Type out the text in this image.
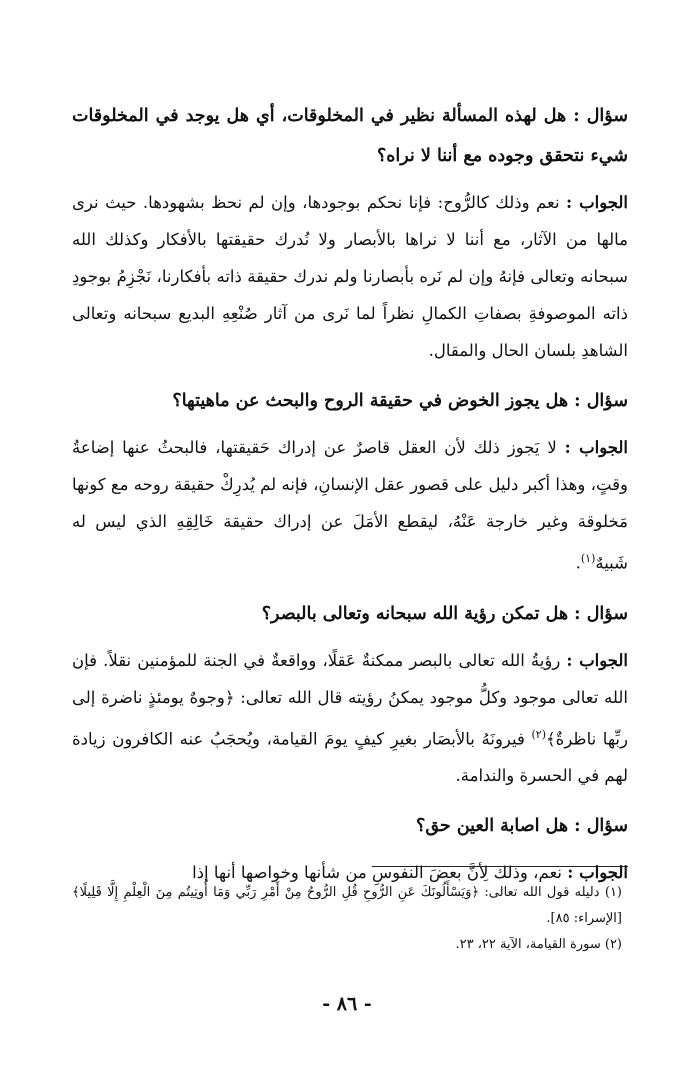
سؤال : هل لهذه المسألة نظير في المخلوقات، أي هل يوجد في المخلوقات شيء نتحقق وجوده مع أننا لا نراه؟

الجواب : نعم وذلك كالرُّوح: فإنا نحكم بوجودها، وإن لم نحظ بشهودها. حيث نرى مالها من الآثار، مع أننا لا نراها بالأبصار ولا نُدرك حقيقتها بالأفكار وكذلك الله سبحانه وتعالى فإنهُ وإن لم نَره بأبصارنا ولم ندرك حقيقة ذاته بأفكارنا، نَجْزِمُ بوجودِ ذاته الموصوفةِ بصفاتِ الكمالِ نظراً لما نَرى من آثار صُنْعِهِ البديع سبحانه وتعالى الشاهدِ بلسان الحال والمقال.

سؤال : هل يجوز الخوض في حقيقة الروح والبحث عن ماهيتها؟

الجواب : لا يَجوز ذلك لأن العقل قاصرٌ عن إدراك حَقيقتها، فالبحثُ عنها إضاعةُ وقتٍ، وهذا أكبر دليل على قصور عقل الإنسانِ، فإنه لم يُدرِكْ حقيقة روحه مع كونها مَخلوقة وغير خارجة عَنْهُ، ليقطع الأمَلَ عن إدراك حقيقة خَالِقِهِ الذي ليس له شَبيهٌ$^{(١)}$.

سؤال : هل تمكن رؤية الله سبحانه وتعالى بالبصر؟

الجواب : رؤيةُ الله تعالى بالبصر ممكنةٌ عَقلًا، وواقعةٌ في الجنة للمؤمنين نقلاً. فإن الله تعالى موجود وكلُّ موجود يمكنُ رؤيته قال الله تعالى: ﴿وجوهٌ يومئذٍ ناضرة إلى ربِّها ناظرةٌ﴾$^{(٢)}$ فيرونَهُ بالأبصَار بغيرِ كيفٍ يومَ القيامة، ويُحجَبُ عنه الكافرون زيادة لهم في الحسرة والندامة.

سؤال : هل اصابة العين حق؟

الجواب : نعم، وذلك لِأنَّ بعضَ النفوسِ من شأنها وخواصها أنها إذا

(١) دليله قول الله تعالى: ﴿وَيَسْأَلُونَكَ عَنِ الرُّوحِ قُلِ الرُّوحُ مِنْ أَمْرِ رَبِّي وَمَا أُوتِيتُم مِنَ الْعِلْمِ إِلَّا قَلِيلًا﴾ [الإسراء: ٨٥].

(٢) سورة القيامة، الآية ٢٢، ٢٣.

- ٨٦ -
